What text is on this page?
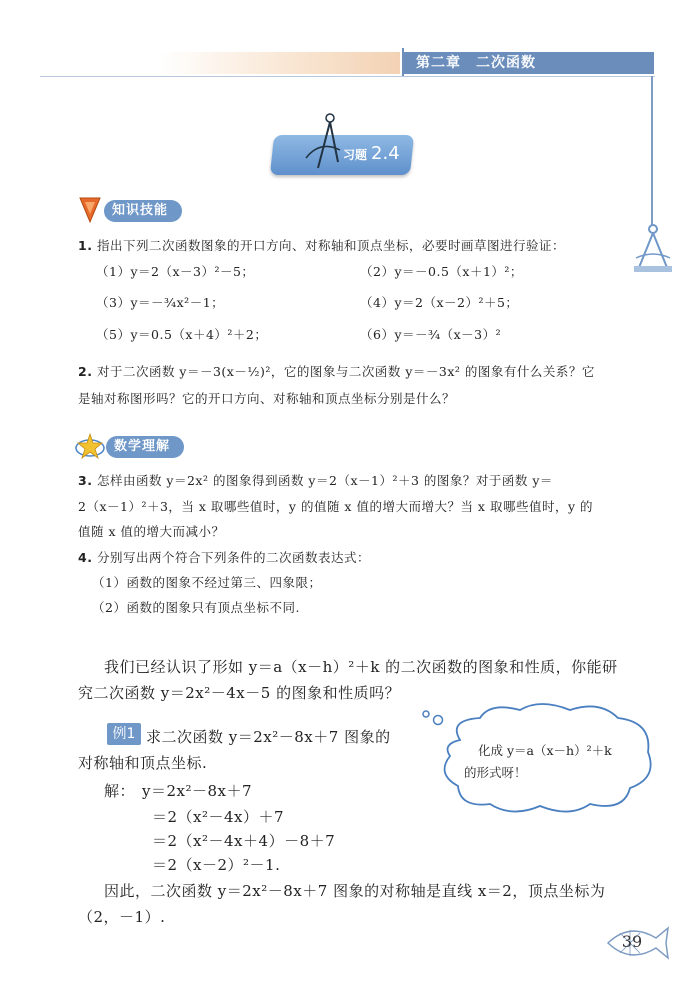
第二章　二次函数
习题 2.4
知识技能
1. 指出下列二次函数图象的开口方向、对称轴和顶点坐标，必要时画草图进行验证：
（1）y＝2（x－3）²－5；	（2）y＝－0.5（x＋1）²；
（3）y＝－¾x²－1；	（4）y＝2（x－2）²＋5；
（5）y＝0.5（x＋4）²＋2；	（6）y＝－¾（x－3）²
2. 对于二次函数 y＝－3(x－½)²，它的图象与二次函数 y＝－3x² 的图象有什么关系？它
是轴对称图形吗？它的开口方向、对称轴和顶点坐标分别是什么？
数学理解
3. 怎样由函数 y＝2x² 的图象得到函数 y＝2（x－1）²＋3 的图象？对于函数 y＝
2（x－1）²＋3，当 x 取哪些值时，y 的值随 x 值的增大而增大？当 x 取哪些值时，y 的
值随 x 值的增大而减小？
4. 分别写出两个符合下列条件的二次函数表达式：
（1）函数的图象不经过第三、四象限；
（2）函数的图象只有顶点坐标不同.
我们已经认识了形如 y＝a（x－h）²＋k 的二次函数的图象和性质，你能研
究二次函数 y＝2x²－4x－5 的图象和性质吗？
例1 求二次函数 y＝2x²－8x＋7 图象的
对称轴和顶点坐标.
解： y＝2x²－8x＋7
＝2（x²－4x）＋7
＝2（x²－4x＋4）－8＋7
＝2（x－2）²－1.
因此，二次函数 y＝2x²－8x＋7 图象的对称轴是直线 x＝2，顶点坐标为
（2，－1）.
化成 y＝a（x－h）²＋k
的形式呀！
39
